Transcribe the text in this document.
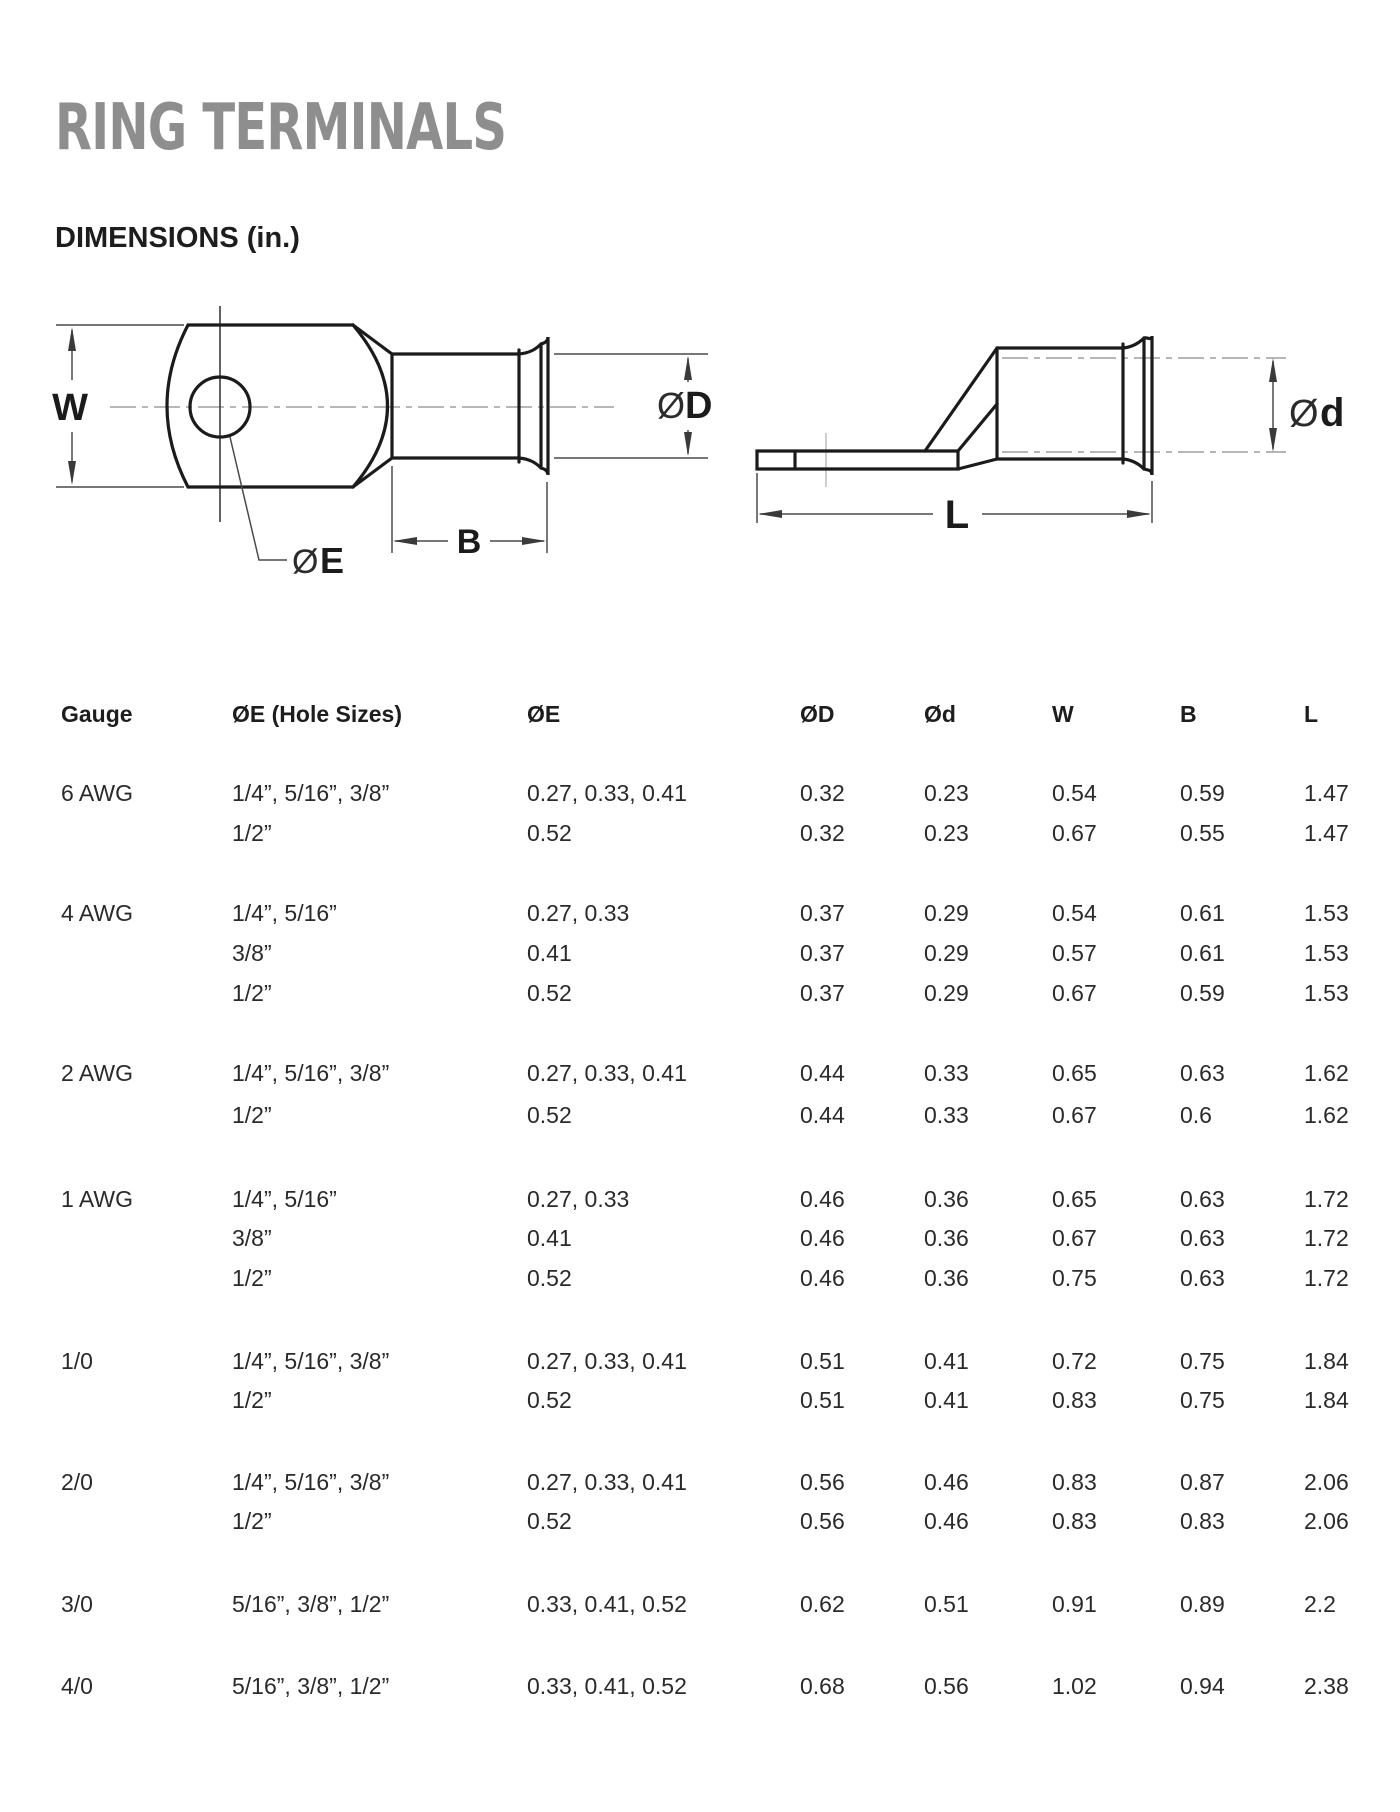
RING TERMINALS
DIMENSIONS (in.)
W	Ø D
B
Ø E
Ø d
L
Gauge	ØE (Hole Sizes)	ØE	ØD	Ød	W	B	L
6 AWG	1/4”, 5/16”, 3/8”	0.27, 0.33, 0.41	0.32	0.23	0.54	0.59	1.47
1/2”	0.52	0.32	0.23	0.67	0.55	1.47
4 AWG	1/4”, 5/16”	0.27, 0.33	0.37	0.29	0.54	0.61	1.53
3/8”	0.41	0.37	0.29	0.57	0.61	1.53
1/2”	0.52	0.37	0.29	0.67	0.59	1.53
2 AWG	1/4”, 5/16”, 3/8”	0.27, 0.33, 0.41	0.44	0.33	0.65	0.63	1.62
1/2”	0.52	0.44	0.33	0.67	0.6	1.62
1 AWG	1/4”, 5/16”	0.27, 0.33	0.46	0.36	0.65	0.63	1.72
3/8”	0.41	0.46	0.36	0.67	0.63	1.72
1/2”	0.52	0.46	0.36	0.75	0.63	1.72
1/0	1/4”, 5/16”, 3/8”	0.27, 0.33, 0.41	0.51	0.41	0.72	0.75	1.84
1/2”	0.52	0.51	0.41	0.83	0.75	1.84
2/0	1/4”, 5/16”, 3/8”	0.27, 0.33, 0.41	0.56	0.46	0.83	0.87	2.06
1/2”	0.52	0.56	0.46	0.83	0.83	2.06
3/0	5/16”, 3/8”, 1/2”	0.33, 0.41, 0.52	0.62	0.51	0.91	0.89	2.2
4/0	5/16”, 3/8”, 1/2”	0.33, 0.41, 0.52	0.68	0.56	1.02	0.94	2.38
